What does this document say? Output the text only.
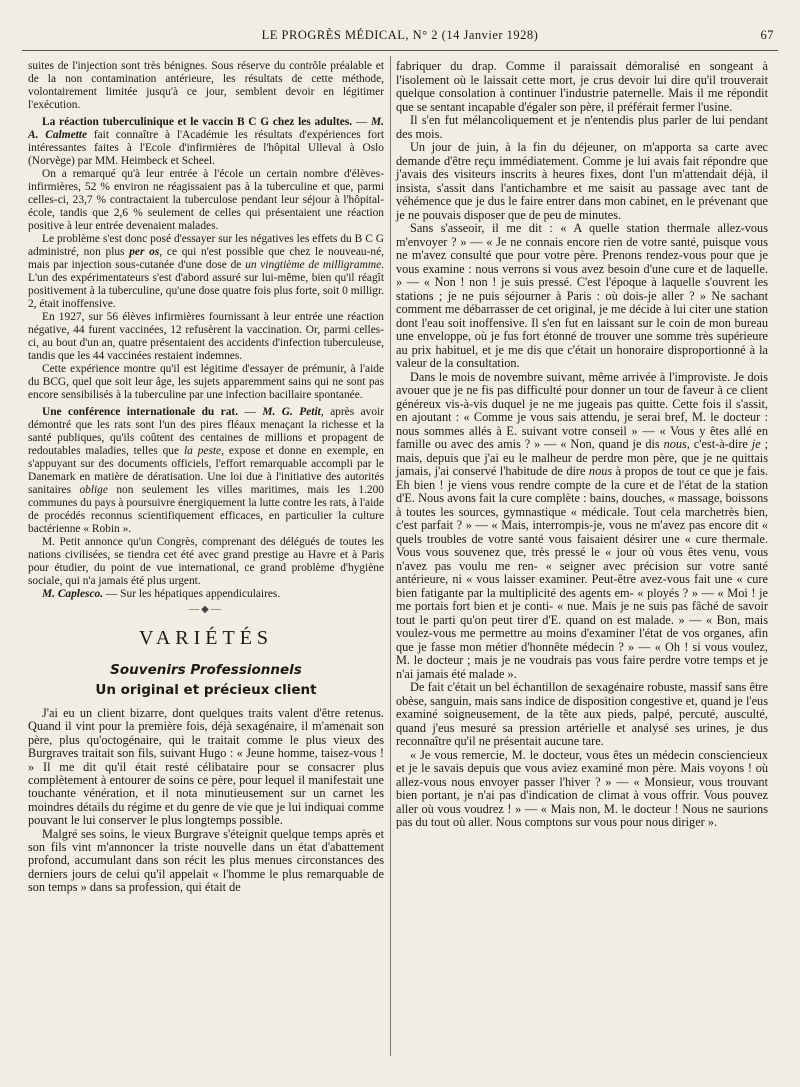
LE PROGRÈS MÉDICAL, N° 2 (14 Janvier 1928)	67

suites de l'injection sont très bénignes. Sous réserve du contrôle préalable et de la non contamination antérieure, les résultats de cette méthode, volontairement limitée jusqu'à ce jour, semblent devoir en légitimer l'exécution.

La réaction tuberculinique et le vaccin B C G chez les adultes. — M. A. Calmette fait connaître à l'Académie les résultats d'expériences fort intéressantes faites à l'Ecole d'infirmières de l'hôpital Ulleval à Oslo (Norvège) par MM. Heimbeck et Scheel.

On a remarqué qu'à leur entrée à l'école un certain nombre d'élèves-infirmières, 52 % environ ne réagissaient pas à la tuberculine et que, parmi celles-ci, 23,7 % contractaient la tuberculose pendant leur séjour à l'hôpital-école, tandis que 2,6 % seulement de celles qui présentaient une réaction positive à leur entrée devenaient malades.

Le problème s'est donc posé d'essayer sur les négatives les effets du B C G administré, non plus per os, ce qui n'est possible que chez le nouveau-né, mais par injection sous-cutanée d'une dose de un vingtième de milligramme. L'un des expérimentateurs s'est d'abord assuré sur lui-même, bien qu'il réagît positivement à la tuberculine, qu'une dose quatre fois plus forte, soit 0 milligr. 2, était inoffensive.

En 1927, sur 56 élèves infirmières fournissant à leur entrée une réaction négative, 44 furent vaccinées, 12 refusèrent la vaccination. Or, parmi celles-ci, au bout d'un an, quatre présentaient des accidents d'infection tuberculeuse, tandis que les 44 vaccinées restaient indemnes.

Cette expérience montre qu'il est légitime d'essayer de prémunir, à l'aide du BCG, quel que soit leur âge, les sujets apparemment sains qui ne sont pas encore sensibilisés à la tuberculine par une infection bacillaire spontanée.

Une conférence internationale du rat. — M. G. Petit, après avoir démontré que les rats sont l'un des pires fléaux menaçant la richesse et la santé publiques, qu'ils coûtent des centaines de millions et propagent de redoutables maladies, telles que la peste, expose et donne en exemple, en s'appuyant sur des documents officiels, l'effort remarquable accompli par le Danemark en matière de dératisation. Une loi due à l'initiative des autorités sanitaires oblige non seulement les villes maritimes, mais les 1.200 communes du pays à poursuivre énergiquement la lutte contre les rats, à l'aide de procédés reconnus scientifiquement efficaces, en particulier la culture bactérienne « Robin ».

M. Petit annonce qu'un Congrès, comprenant des délégués de toutes les nations civilisées, se tiendra cet été avec grand prestige au Havre et à Paris pour étudier, du point de vue international, ce grand problème d'hygiène sociale, qui n'a jamais été plus urgent.

M. Caplesco. — Sur les hépatiques appendiculaires.

—◆—
VARIÉTÉS
Souvenirs Professionnels
Un original et précieux client

J'ai eu un client bizarre, dont quelques traits valent d'être retenus. Quand il vint pour la première fois, déjà sexagénaire, il m'amenait son père, plus qu'octogénaire, qui le traitait comme le plus vieux des Burgraves traitait son fils, suivant Hugo : « Jeune homme, taisez-vous ! » Il me dit qu'il était resté célibataire pour se consacrer plus complètement à entourer de soins ce père, pour lequel il manifestait une touchante vénération, et il nota minutieusement sur un carnet les moindres détails du régime et du genre de vie que je lui indiquai comme pouvant le lui conserver le plus longtemps possible.

Malgré ses soins, le vieux Burgrave s'éteignit quelque temps après et son fils vint m'annoncer la triste nouvelle dans un état d'abattement profond, accumulant dans son récit les plus menues circonstances des derniers jours de celui qu'il appelait « l'homme le plus remarquable de son temps » dans sa profession, qui était de

fabriquer du drap. Comme il paraissait démoralisé en songeant à l'isolement où le laissait cette mort, je crus devoir lui dire qu'il trouverait quelque consolation à continuer l'industrie paternelle. Mais il me répondit que se sentant incapable d'égaler son père, il préférait fermer l'usine.

Il s'en fut mélancoliquement et je n'entendis plus parler de lui pendant des mois.

Un jour de juin, à la fin du déjeuner, on m'apporta sa carte avec demande d'être reçu immédiatement. Comme je lui avais fait répondre que j'avais des visiteurs inscrits à heures fixes, dont l'un m'attendait déjà, il insista, s'assit dans l'antichambre et me saisit au passage avec tant de véhémence que je dus le faire entrer dans mon cabinet, en le prévenant que je ne pouvais disposer que de peu de minutes.

Sans s'asseoir, il me dit : « A quelle station thermale allez-vous m'envoyer ? » — « Je ne connais encore rien de votre santé, puisque vous ne m'avez consulté que pour votre père. Prenons rendez-vous pour que je vous examine : nous verrons si vous avez besoin d'une cure et de laquelle. » — « Non ! non ! je suis pressé. C'est l'époque à laquelle s'ouvrent les stations ; je ne puis séjourner à Paris : où dois-je aller ? » Ne sachant comment me débarrasser de cet original, je me décide à lui citer une station dont l'eau soit inoffensive. Il s'en fut en laissant sur le coin de mon bureau une enveloppe, où je fus fort étonné de trouver une somme très supérieure au prix habituel, et je me dis que c'était un honoraire disproportionné à la valeur de la consultation.

Dans le mois de novembre suivant, même arrivée à l'improviste. Je dois avouer que je ne fis pas difficulté pour donner un tour de faveur à ce client généreux vis-à-vis duquel je ne me jugeais pas quitte. Cette fois il s'assit, en ajoutant : « Comme je vous sais attendu, je serai bref, M. le docteur : nous sommes allés à E. suivant votre conseil » — « Vous y êtes allé en famille ou avec des amis ? » — « Non, quand je dis nous, c'est-à-dire je ; mais, depuis que j'ai eu le malheur de perdre mon père, que je ne quittais jamais, j'ai conservé l'habitude de dire nous à propos de tout ce que je fais. Eh bien ! je viens vous rendre compte de la cure et de l'état de la station d'E. Nous avons fait la cure complète : bains, douches, « massage, boissons à toutes les sources, gymnastique « médicale. Tout cela marchetrès bien, c'est parfait ? » — « Mais, interrompis-je, vous ne m'avez pas encore dit « quels troubles de votre santé vous faisaient désirer une « cure thermale. Vous vous souvenez que, très pressé le « jour où vous êtes venu, vous n'avez pas voulu me ren- « seigner avec précision sur votre santé antérieure, ni « vous laisser examiner. Peut-être avez-vous fait une « cure bien fatigante par la multiplicité des agents em- « ployés ? » — « Moi ! je me portais fort bien et je conti- « nue. Mais je ne suis pas fâché de savoir tout le parti qu'on peut tirer d'E. quand on est malade. » — « Bon, mais voulez-vous me permettre au moins d'examiner l'état de vos organes, afin que je fasse mon métier d'honnête médecin ? » — « Oh ! si vous voulez, M. le docteur ; mais je ne voudrais pas vous faire perdre votre temps et je n'ai jamais été malade ».

De fait c'était un bel échantillon de sexagénaire robuste, massif sans être obèse, sanguin, mais sans indice de disposition congestive et, quand je l'eus examiné soigneusement, de la tête aux pieds, palpé, percuté, ausculté, quand j'eus mesuré sa pression artérielle et analysé ses urines, je dus reconnaître qu'il ne présentait aucune tare.

« Je vous remercie, M. le docteur, vous êtes un médecin consciencieux et je le savais depuis que vous aviez examiné mon père. Mais voyons ! où allez-vous nous envoyer passer l'hiver ? » — « Monsieur, vous trouvant bien portant, je n'ai pas d'indication de climat à vous offrir. Vous pouvez aller où vous voudrez ! » — « Mais non, M. le docteur ! Nous ne saurions pas du tout où aller. Nous comptons sur vous pour nous diriger ».
